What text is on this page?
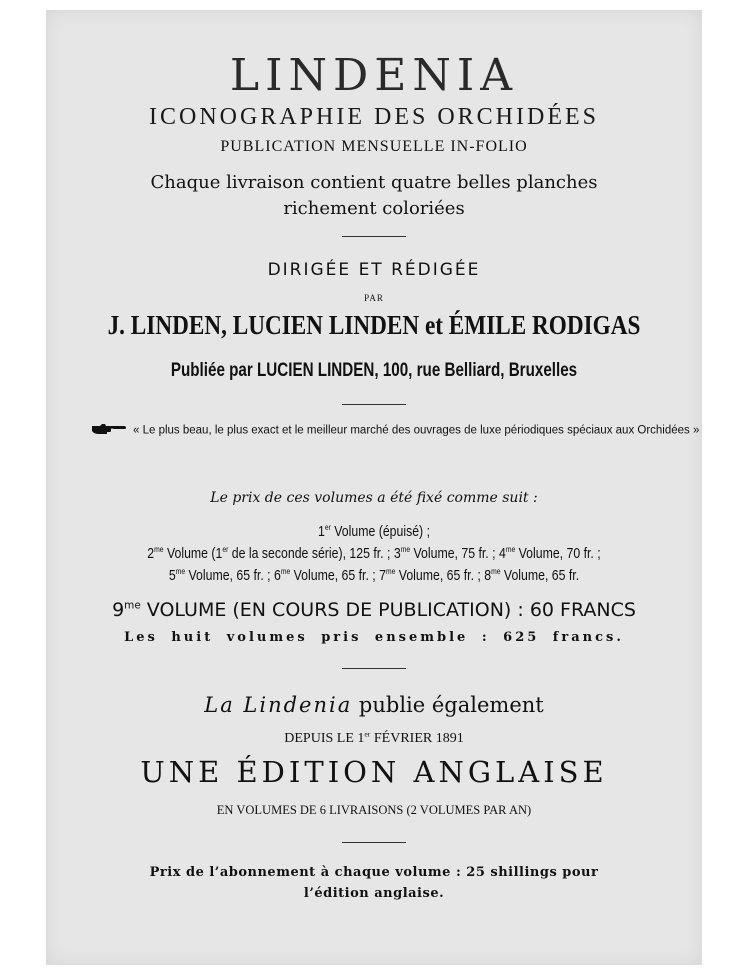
LINDENIA
ICONOGRAPHIE DES ORCHIDÉES
PUBLICATION MENSUELLE IN-FOLIO
Chaque livraison contient quatre belles planches
richement coloriées
DIRIGÉE ET RÉDIGÉE
PAR
J. LINDEN, LUCIEN LINDEN et ÉMILE RODIGAS
Publiée par LUCIEN LINDEN, 100, rue Belliard, Bruxelles
« Le plus beau, le plus exact et le meilleur marché des ouvrages de luxe périodiques spéciaux aux Orchidées »
Le prix de ces volumes a été fixé comme suit :
1er Volume (épuisé) ;
$2^{me}$ Volume (1er de la seconde série), 125 fr. ; $3^{me}$ Volume, 75 fr. ; $4^{me}$ Volume, 70 fr. ;
$5^{me}$ Volume, 65 fr. ; $6^{me}$ Volume, 65 fr. ; $7^{me}$ Volume, 65 fr. ; $8^{me}$ Volume, 65 fr.
$9^{me}$ VOLUME (EN COURS DE PUBLICATION) : 60 FRANCS
Les huit volumes pris ensemble : 625 francs.
La Lindenia publie également
DEPUIS LE 1er FÉVRIER 1891
UNE ÉDITION ANGLAISE
EN VOLUMES DE 6 LIVRAISONS (2 VOLUMES PAR AN)
Prix de l’abonnement à chaque volume : 25 shillings pour
l’édition anglaise.
